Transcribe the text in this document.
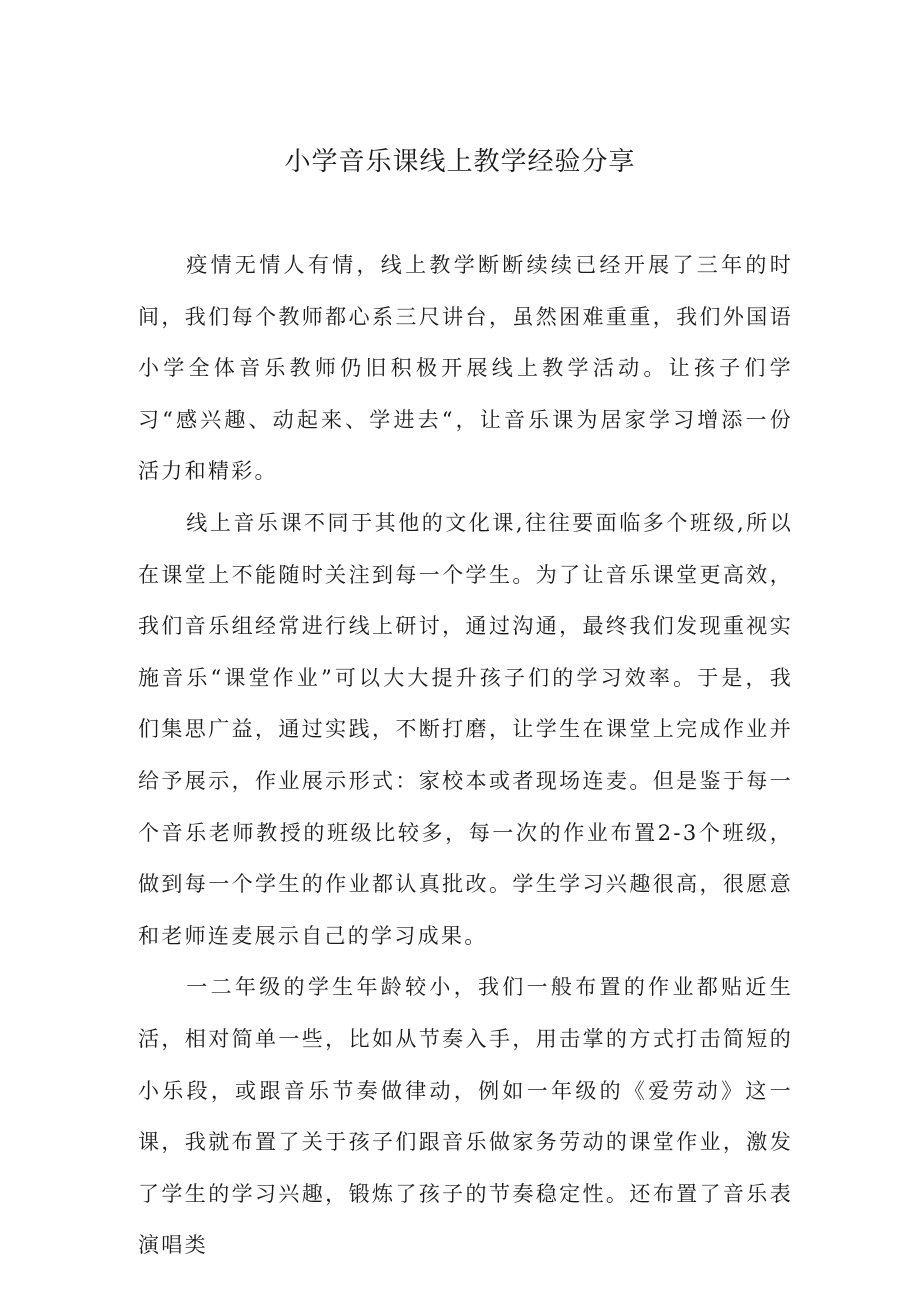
小学音乐课线上教学经验分享

疫情无情人有情，线上教学断断续续已经开展了三年的时间，我们每个教师都心系三尺讲台，虽然困难重重，我们外国语小学全体音乐教师仍旧积极开展线上教学活动。让孩子们学习“感兴趣、动起来、学进去“，让音乐课为居家学习增添一份活力和精彩。

线上音乐课不同于其他的文化课,往往要面临多个班级,所以在课堂上不能随时关注到每一个学生。为了让音乐课堂更高效，我们音乐组经常进行线上研讨，通过沟通，最终我们发现重视实施音乐“课堂作业”可以大大提升孩子们的学习效率。于是，我们集思广益，通过实践，不断打磨，让学生在课堂上完成作业并给予展示，作业展示形式：家校本或者现场连麦。但是鉴于每一个音乐老师教授的班级比较多，每一次的作业布置2-3个班级，做到每一个学生的作业都认真批改。学生学习兴趣很高，很愿意和老师连麦展示自己的学习成果。

一二年级的学生年龄较小，我们一般布置的作业都贴近生活，相对简单一些，比如从节奏入手，用击掌的方式打击简短的小乐段，或跟音乐节奏做律动，例如一年级的《爱劳动》这一课，我就布置了关于孩子们跟音乐做家务劳动的课堂作业，激发了学生的学习兴趣，锻炼了孩子的节奏稳定性。还布置了音乐表演唱类
